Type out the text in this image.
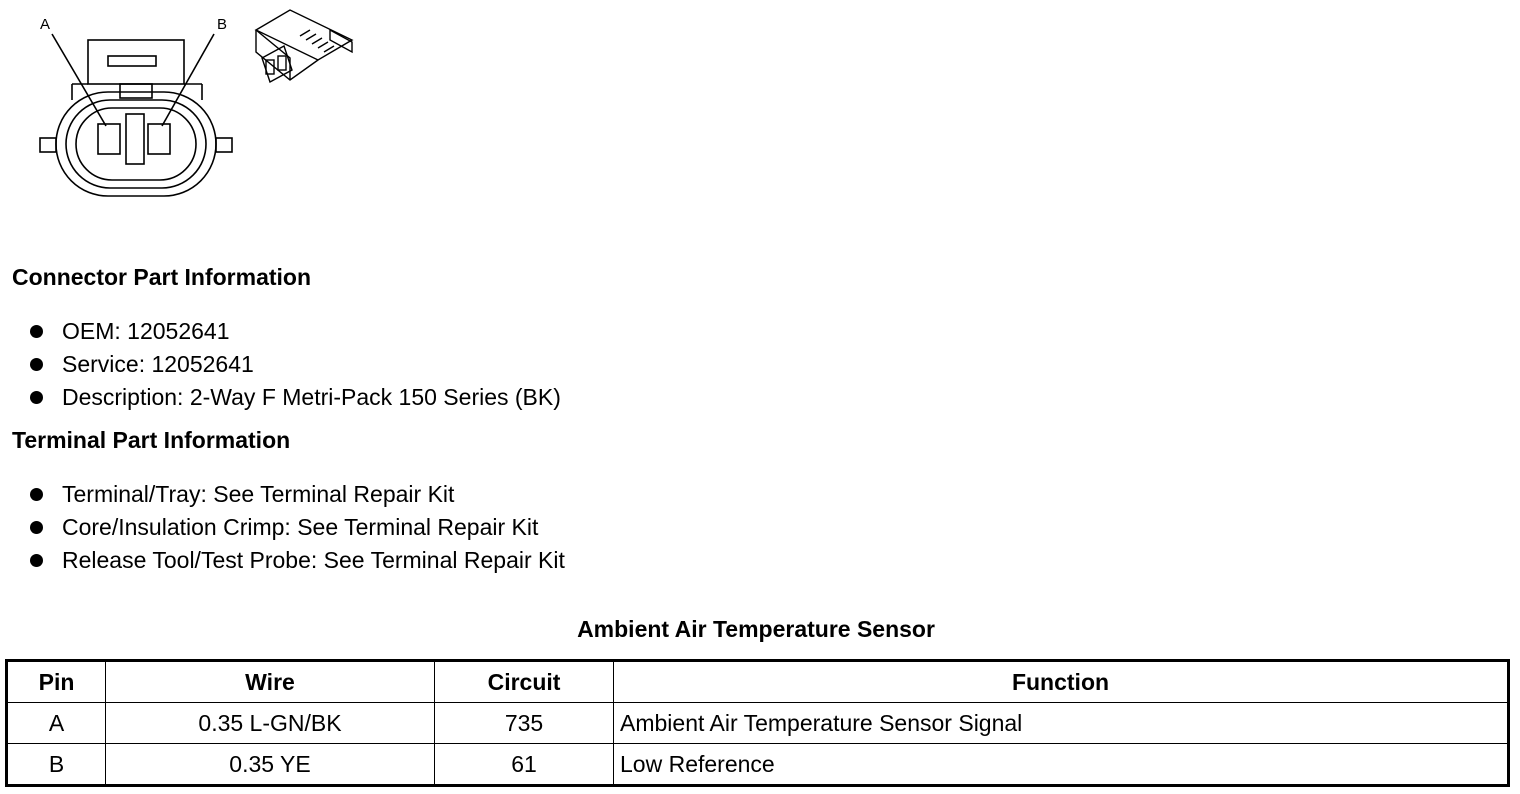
A	B
Connector Part Information
OEM: 12052641
Service: 12052641
Description: 2-Way F Metri-Pack 150 Series (BK)
Terminal Part Information
Terminal/Tray: See Terminal Repair Kit
Core/Insulation Crimp: See Terminal Repair Kit
Release Tool/Test Probe: See Terminal Repair Kit
Ambient Air Temperature Sensor
Pin	Wire	Circuit	Function
A	0.35 L-GN/BK	735	Ambient Air Temperature Sensor Signal
B	0.35 YE	61	Low Reference
